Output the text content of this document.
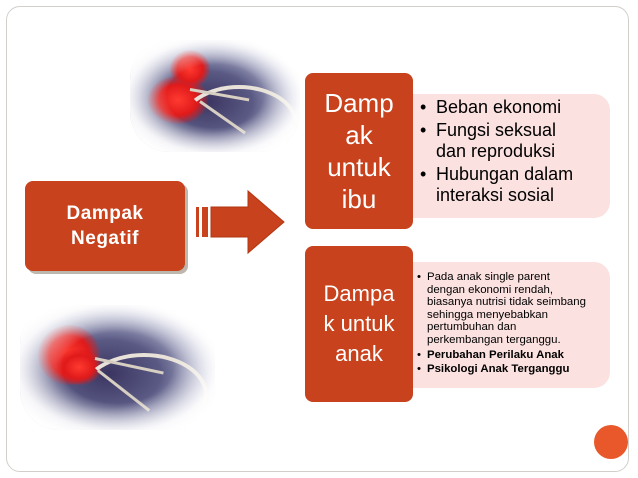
Dampak
Negatif
Damp
ak
untuk
ibu
• Beban ekonomi
• Fungsi seksual
dan reproduksi
• Hubungan dalam
interaksi sosial
Dampa
k untuk
anak
• Pada anak single parent
dengan ekonomi rendah,
biasanya nutrisi tidak seimbang
sehingga menyebabkan
pertumbuhan dan
perkembangan terganggu.
• Perubahan Perilaku Anak
• Psikologi Anak Terganggu
